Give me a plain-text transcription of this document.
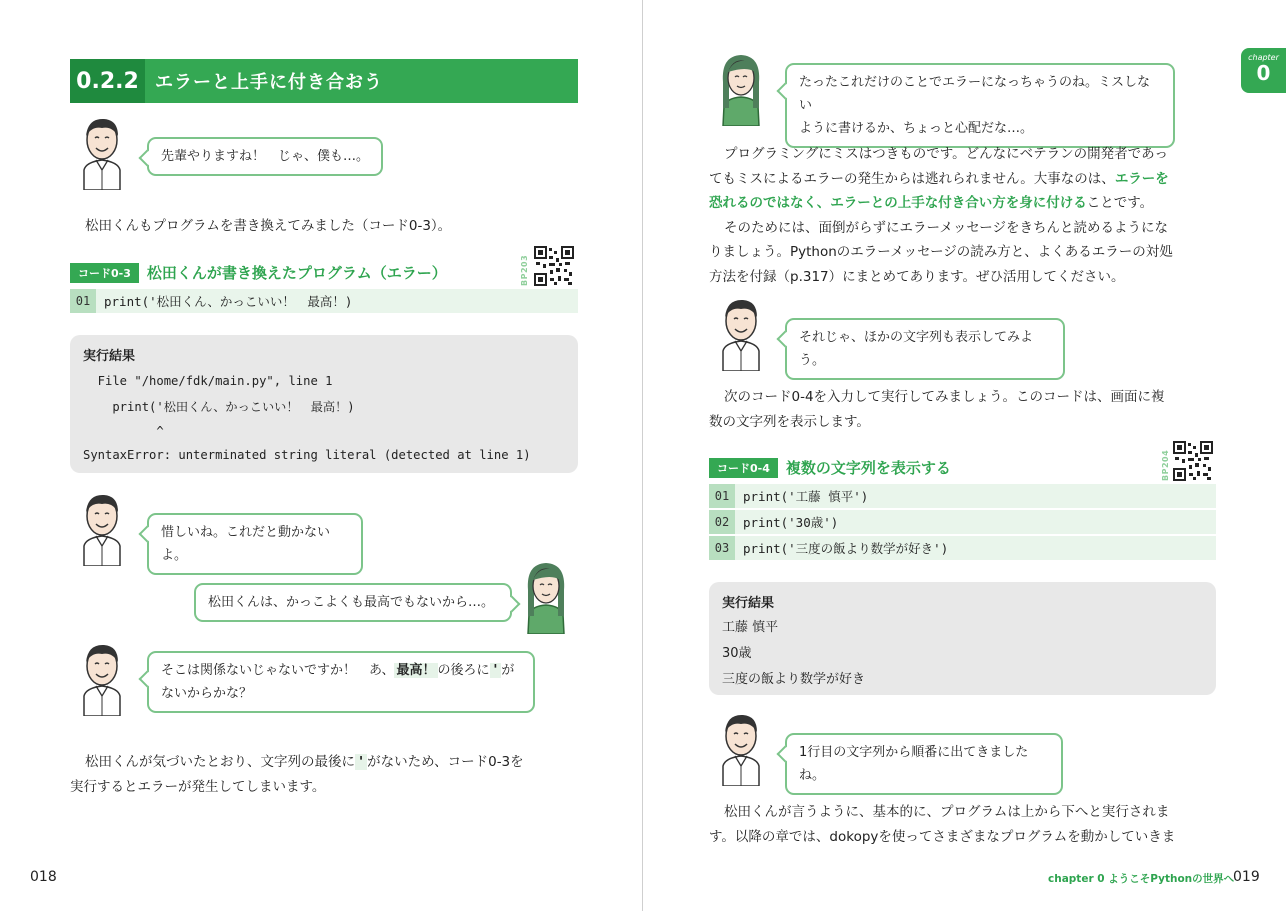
0.2.2 エラーと上手に付き合おう
先輩やりますね！　じゃ、僕も…。
松田くんもプログラムを書き換えてみました（コード0-3）。
コード0-3	松田くんが書き換えたプログラム（エラー）	BP203
01	print('松田くん、かっこいい！　最高！)
実行結果
File "/home/fdk/main.py", line 1
print('松田くん、かっこいい！　最高！)
^
SyntaxError: unterminated string literal (detected at line 1)
惜しいね。これだと動かないよ。
松田くんは、かっこよくも最高でもないから…。
そこは関係ないじゃないですか！　あ、 最高！ の後ろに ' が
ないからかな？
松田くんが気づいたとおり、文字列の最後に ' がないため、コード0-3を
実行するとエラーが発生してしまいます。
018
たったこれだけのことでエラーになっちゃうのね。ミスしない
ように書けるか、ちょっと心配だな…。
プログラミングにミスはつきものです。どんなにベテランの開発者であっ
てもミスによるエラーの発生からは逃れられません。大事なのは、エラーを
恐れるのではなく、エラーとの上手な付き合い方を身に付けることです。
そのためには、面倒がらずにエラーメッセージをきちんと読めるようにな
りましょう。Pythonのエラーメッセージの読み方と、よくあるエラーの対処
方法を付録（p.317）にまとめてあります。ぜひ活用してください。
それじゃ、ほかの文字列も表示してみよう。
次のコード0-4を入力して実行してみましょう。このコードは、画面に複
数の文字列を表示します。
コード0-4	複数の文字列を表示する	BP204
01	print('工藤 慎平')
02	print('30歳')
03	print('三度の飯より数学が好き')
実行結果
工藤 慎平
30歳
三度の飯より数学が好き
1行目の文字列から順番に出てきましたね。
松田くんが言うように、基本的に、プログラムは上から下へと実行されま
す。以降の章では、dokopyを使ってさまざまなプログラムを動かしていきま
chapter 0 ようこそPythonの世界へ
019
chapter
0
